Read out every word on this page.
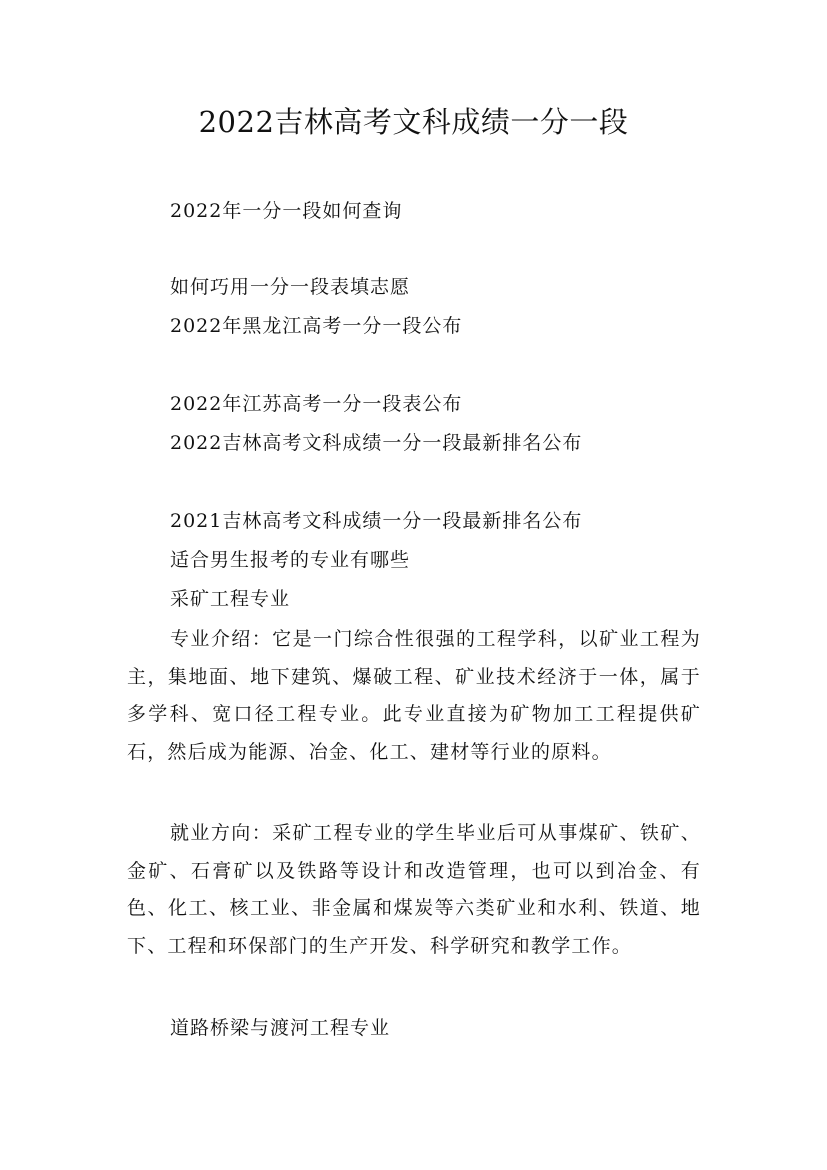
2022吉林高考文科成绩一分一段
2022年一分一段如何查询
如何巧用一分一段表填志愿
2022年黑龙江高考一分一段公布
2022年江苏高考一分一段表公布
2022吉林高考文科成绩一分一段最新排名公布
2021吉林高考文科成绩一分一段最新排名公布
适合男生报考的专业有哪些
采矿工程专业
专业介绍：它是一门综合性很强的工程学科，以矿业工程为主，集地面、地下建筑、爆破工程、矿业技术经济于一体，属于多学科、宽口径工程专业。此专业直接为矿物加工工程提供矿石，然后成为能源、冶金、化工、建材等行业的原料。
就业方向：采矿工程专业的学生毕业后可从事煤矿、铁矿、金矿、石膏矿以及铁路等设计和改造管理，也可以到冶金、有色、化工、核工业、非金属和煤炭等六类矿业和水利、铁道、地下、工程和环保部门的生产开发、科学研究和教学工作。
道路桥梁与渡河工程专业
